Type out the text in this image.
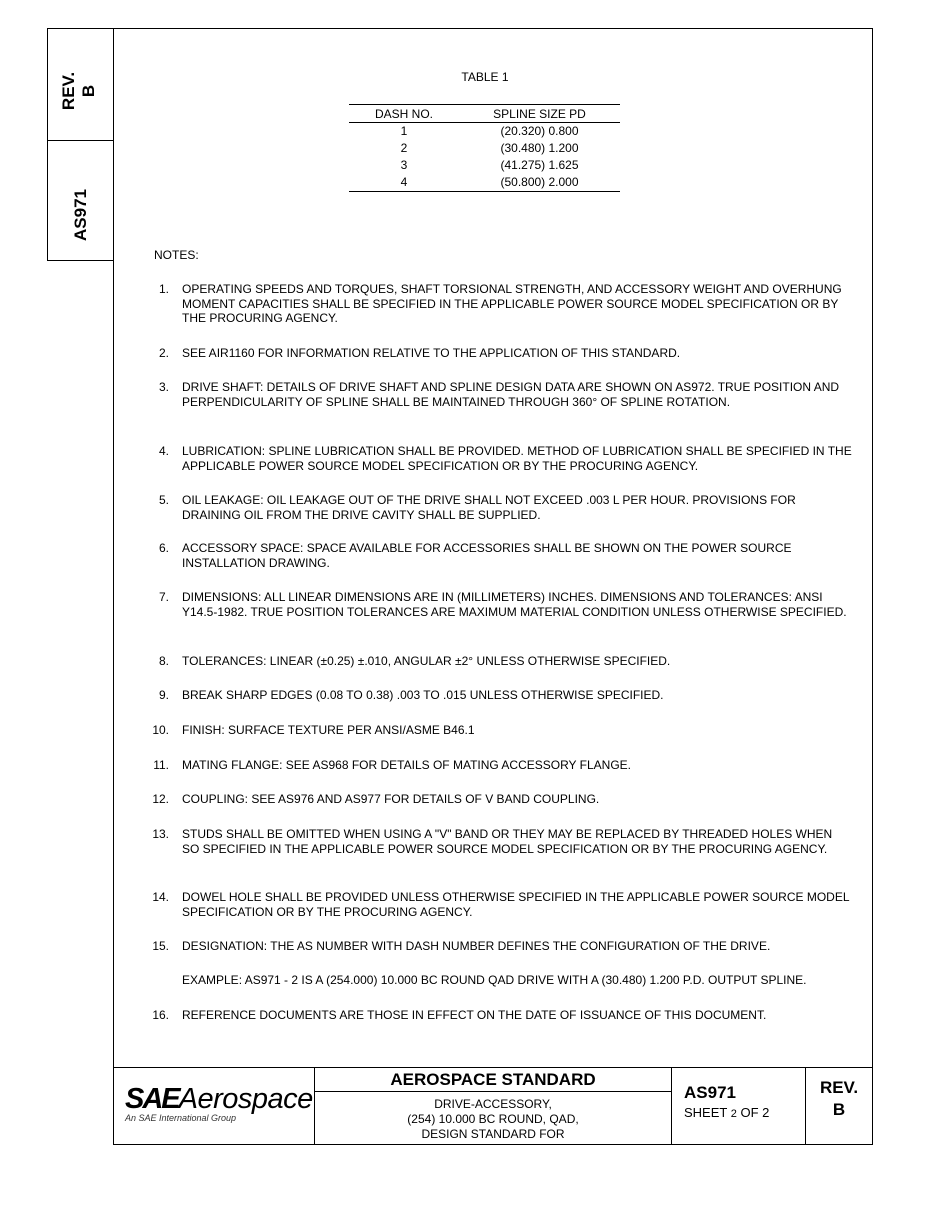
REV. B
AS971
TABLE 1
DASH NO.	SPLINE SIZE PD
1	(20.320) 0.800
2	(30.480) 1.200
3	(41.275) 1.625
4	(50.800) 2.000
NOTES:
1. OPERATING SPEEDS AND TORQUES, SHAFT TORSIONAL STRENGTH, AND ACCESSORY WEIGHT AND OVERHUNG MOMENT CAPACITIES SHALL BE SPECIFIED IN THE APPLICABLE POWER SOURCE MODEL SPECIFICATION OR BY THE PROCURING AGENCY.
2. SEE AIR1160 FOR INFORMATION RELATIVE TO THE APPLICATION OF THIS STANDARD.
3. DRIVE SHAFT: DETAILS OF DRIVE SHAFT AND SPLINE DESIGN DATA ARE SHOWN ON AS972. TRUE POSITION AND PERPENDICULARITY OF SPLINE SHALL BE MAINTAINED THROUGH 360° OF SPLINE ROTATION.
4. LUBRICATION: SPLINE LUBRICATION SHALL BE PROVIDED. METHOD OF LUBRICATION SHALL BE SPECIFIED IN THE APPLICABLE POWER SOURCE MODEL SPECIFICATION OR BY THE PROCURING AGENCY.
5. OIL LEAKAGE: OIL LEAKAGE OUT OF THE DRIVE SHALL NOT EXCEED .003 L PER HOUR. PROVISIONS FOR DRAINING OIL FROM THE DRIVE CAVITY SHALL BE SUPPLIED.
6. ACCESSORY SPACE: SPACE AVAILABLE FOR ACCESSORIES SHALL BE SHOWN ON THE POWER SOURCE INSTALLATION DRAWING.
7. DIMENSIONS: ALL LINEAR DIMENSIONS ARE IN (MILLIMETERS) INCHES. DIMENSIONS AND TOLERANCES: ANSI Y14.5-1982. TRUE POSITION TOLERANCES ARE MAXIMUM MATERIAL CONDITION UNLESS OTHERWISE SPECIFIED.
8. TOLERANCES: LINEAR (±0.25) ±.010, ANGULAR ±2° UNLESS OTHERWISE SPECIFIED.
9. BREAK SHARP EDGES (0.08 TO 0.38) .003 TO .015 UNLESS OTHERWISE SPECIFIED.
10. FINISH: SURFACE TEXTURE PER ANSI/ASME B46.1
11. MATING FLANGE: SEE AS968 FOR DETAILS OF MATING ACCESSORY FLANGE.
12. COUPLING: SEE AS976 AND AS977 FOR DETAILS OF V BAND COUPLING.
13. STUDS SHALL BE OMITTED WHEN USING A "V" BAND OR THEY MAY BE REPLACED BY THREADED HOLES WHEN SO SPECIFIED IN THE APPLICABLE POWER SOURCE MODEL SPECIFICATION OR BY THE PROCURING AGENCY.
14. DOWEL HOLE SHALL BE PROVIDED UNLESS OTHERWISE SPECIFIED IN THE APPLICABLE POWER SOURCE MODEL SPECIFICATION OR BY THE PROCURING AGENCY.
15. DESIGNATION: THE AS NUMBER WITH DASH NUMBER DEFINES THE CONFIGURATION OF THE DRIVE.
EXAMPLE: AS971 - 2 IS A (254.000) 10.000 BC ROUND QAD DRIVE WITH A (30.480) 1.200 P.D. OUTPUT SPLINE.
16. REFERENCE DOCUMENTS ARE THOSE IN EFFECT ON THE DATE OF ISSUANCE OF THIS DOCUMENT.
SAEAerospace
An SAE International Group
AEROSPACE STANDARD
DRIVE-ACCESSORY,
(254) 10.000 BC ROUND, QAD,
DESIGN STANDARD FOR
AS971
SHEET 2 OF 2
REV.
B
